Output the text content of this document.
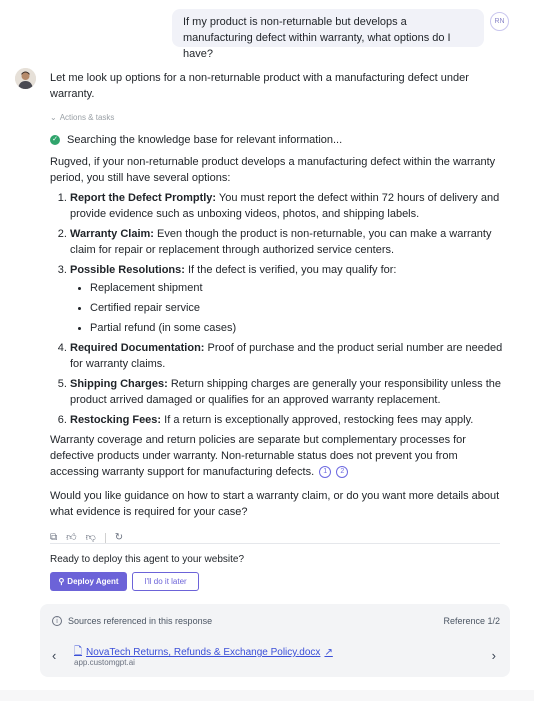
If my product is non-returnable but develops a manufacturing defect within warranty, what options do I have?
RN

Let me look up options for a non-returnable product with a manufacturing defect under warranty.

⌄ Actions & tasks
✓ Searching the knowledge base for relevant information...

Rugved, if your non-returnable product develops a manufacturing defect within the warranty period, you still have several options:

1. Report the Defect Promptly: You must report the defect within 72 hours of delivery and provide evidence such as unboxing videos, photos, and shipping labels.
2. Warranty Claim: Even though the product is non-returnable, you can make a warranty claim for repair or replacement through authorized service centers.
3. Possible Resolutions: If the defect is verified, you may qualify for:
Replacement shipment
Certified repair service
Partial refund (in some cases)
4. Required Documentation: Proof of purchase and the product serial number are needed for warranty claims.
5. Shipping Charges: Return shipping charges are generally your responsibility unless the product arrived damaged or qualifies for an approved warranty replacement.
6. Restocking Fees: If a return is exceptionally approved, restocking fees may apply.

Warranty coverage and return policies are separate but complementary processes for defective products under warranty. Non-returnable status does not prevent you from accessing warranty support for manufacturing defects. 1 2

Would you like guidance on how to start a warranty claim, or do you want more details about what evidence is required for your case?

⧉ 👍︎ 👎︎ ↻
Ready to deploy this agent to your website?
⚲ Deploy Agent	I'll do it later
i	Sources referenced in this response	Reference 1/2
‹ 🗋 NovaTech Returns, Refunds & Exchange Policy.docx ↗
app.customgpt.ai	›
